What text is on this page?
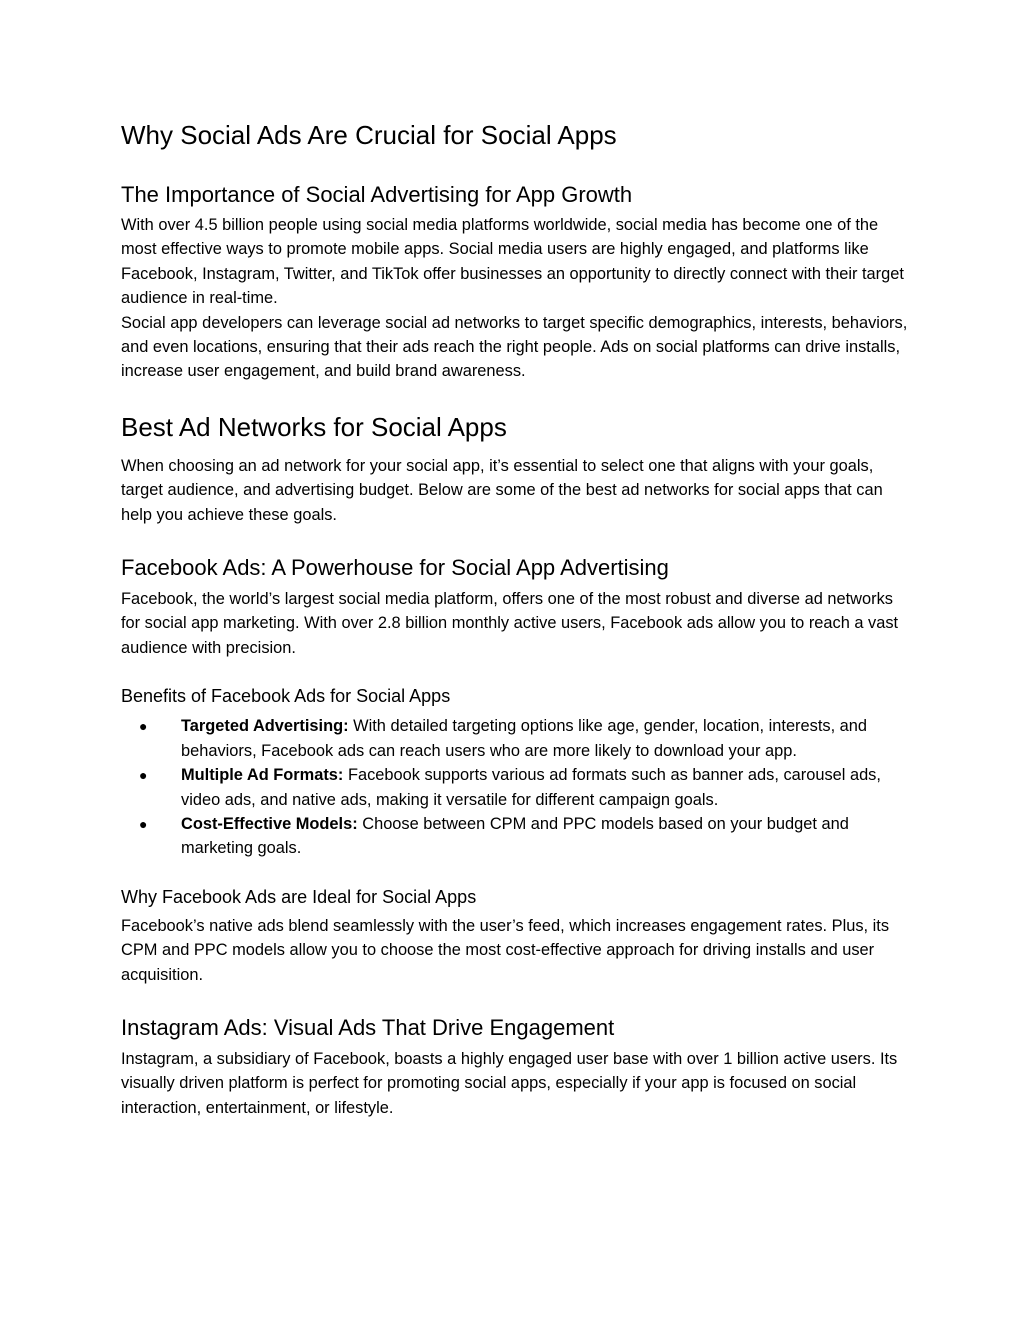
Why Social Ads Are Crucial for Social Apps
The Importance of Social Advertising for App Growth

With over 4.5 billion people using social media platforms worldwide, social media has become one of the most effective ways to promote mobile apps. Social media users are highly engaged, and platforms like Facebook, Instagram, Twitter, and TikTok offer businesses an opportunity to directly connect with their target audience in real-time.

Social app developers can leverage social ad networks to target specific demographics, interests, behaviors, and even locations, ensuring that their ads reach the right people. Ads on social platforms can drive installs, increase user engagement, and build brand awareness.

Best Ad Networks for Social Apps

When choosing an ad network for your social app, it’s essential to select one that aligns with your goals, target audience, and advertising budget. Below are some of the best ad networks for social apps that can help you achieve these goals.

Facebook Ads: A Powerhouse for Social App Advertising

Facebook, the world’s largest social media platform, offers one of the most robust and diverse ad networks for social app marketing. With over 2.8 billion monthly active users, Facebook ads allow you to reach a vast audience with precision.

Benefits of Facebook Ads for Social Apps
● Targeted Advertising: With detailed targeting options like age, gender, location, interests, and behaviors, Facebook ads can reach users who are more likely to download your app.
● Multiple Ad Formats: Facebook supports various ad formats such as banner ads, carousel ads, video ads, and native ads, making it versatile for different campaign goals.
● Cost-Effective Models: Choose between CPM and PPC models based on your budget and marketing goals.
Why Facebook Ads are Ideal for Social Apps

Facebook’s native ads blend seamlessly with the user’s feed, which increases engagement rates. Plus, its CPM and PPC models allow you to choose the most cost-effective approach for driving installs and user acquisition.

Instagram Ads: Visual Ads That Drive Engagement

Instagram, a subsidiary of Facebook, boasts a highly engaged user base with over 1 billion active users. Its visually driven platform is perfect for promoting social apps, especially if your app is focused on social interaction, entertainment, or lifestyle.
